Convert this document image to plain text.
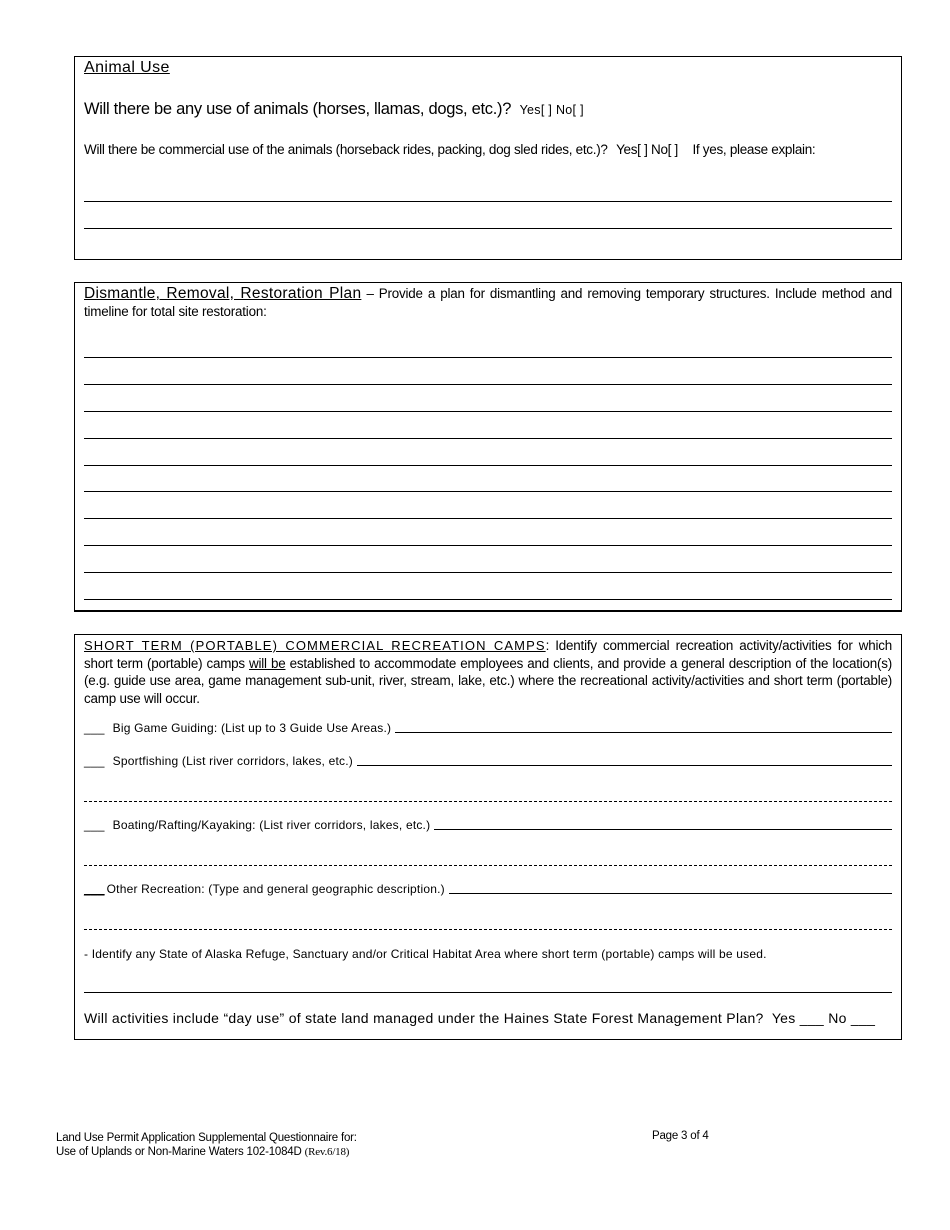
Animal Use
Will there be any use of animals (horses, llamas, dogs, etc.)? Yes[ ] No[ ]
Will there be commercial use of the animals (horseback rides, packing, dog sled rides, etc.)? Yes[ ] No[ ] If yes, please explain:
Dismantle, Removal, Restoration Plan – Provide a plan for dismantling and removing temporary structures. Include method and timeline for total site restoration:
SHORT TERM (PORTABLE) COMMERCIAL RECREATION CAMPS: Identify commercial recreation activity/activities for which short term (portable) camps will be established to accommodate employees and clients, and provide a general description of the location(s) (e.g. guide use area, game management sub-unit, river, stream, lake, etc.) where the recreational activity/activities and short term (portable) camp use will occur.
___ Big Game Guiding: (List up to 3 Guide Use Areas.)
___ Sportfishing (List river corridors, lakes, etc.)
___ Boating/Rafting/Kayaking: (List river corridors, lakes, etc.)
___ Other Recreation: (Type and general geographic description.)
- Identify any State of Alaska Refuge, Sanctuary and/or Critical Habitat Area where short term (portable) camps will be used.
Will activities include “day use” of state land managed under the Haines State Forest Management Plan? Yes ___ No ___
Land Use Permit Application Supplemental Questionnaire for:
Use of Uplands or Non-Marine Waters 102-1084D (Rev.6/18)
Page 3 of 4
